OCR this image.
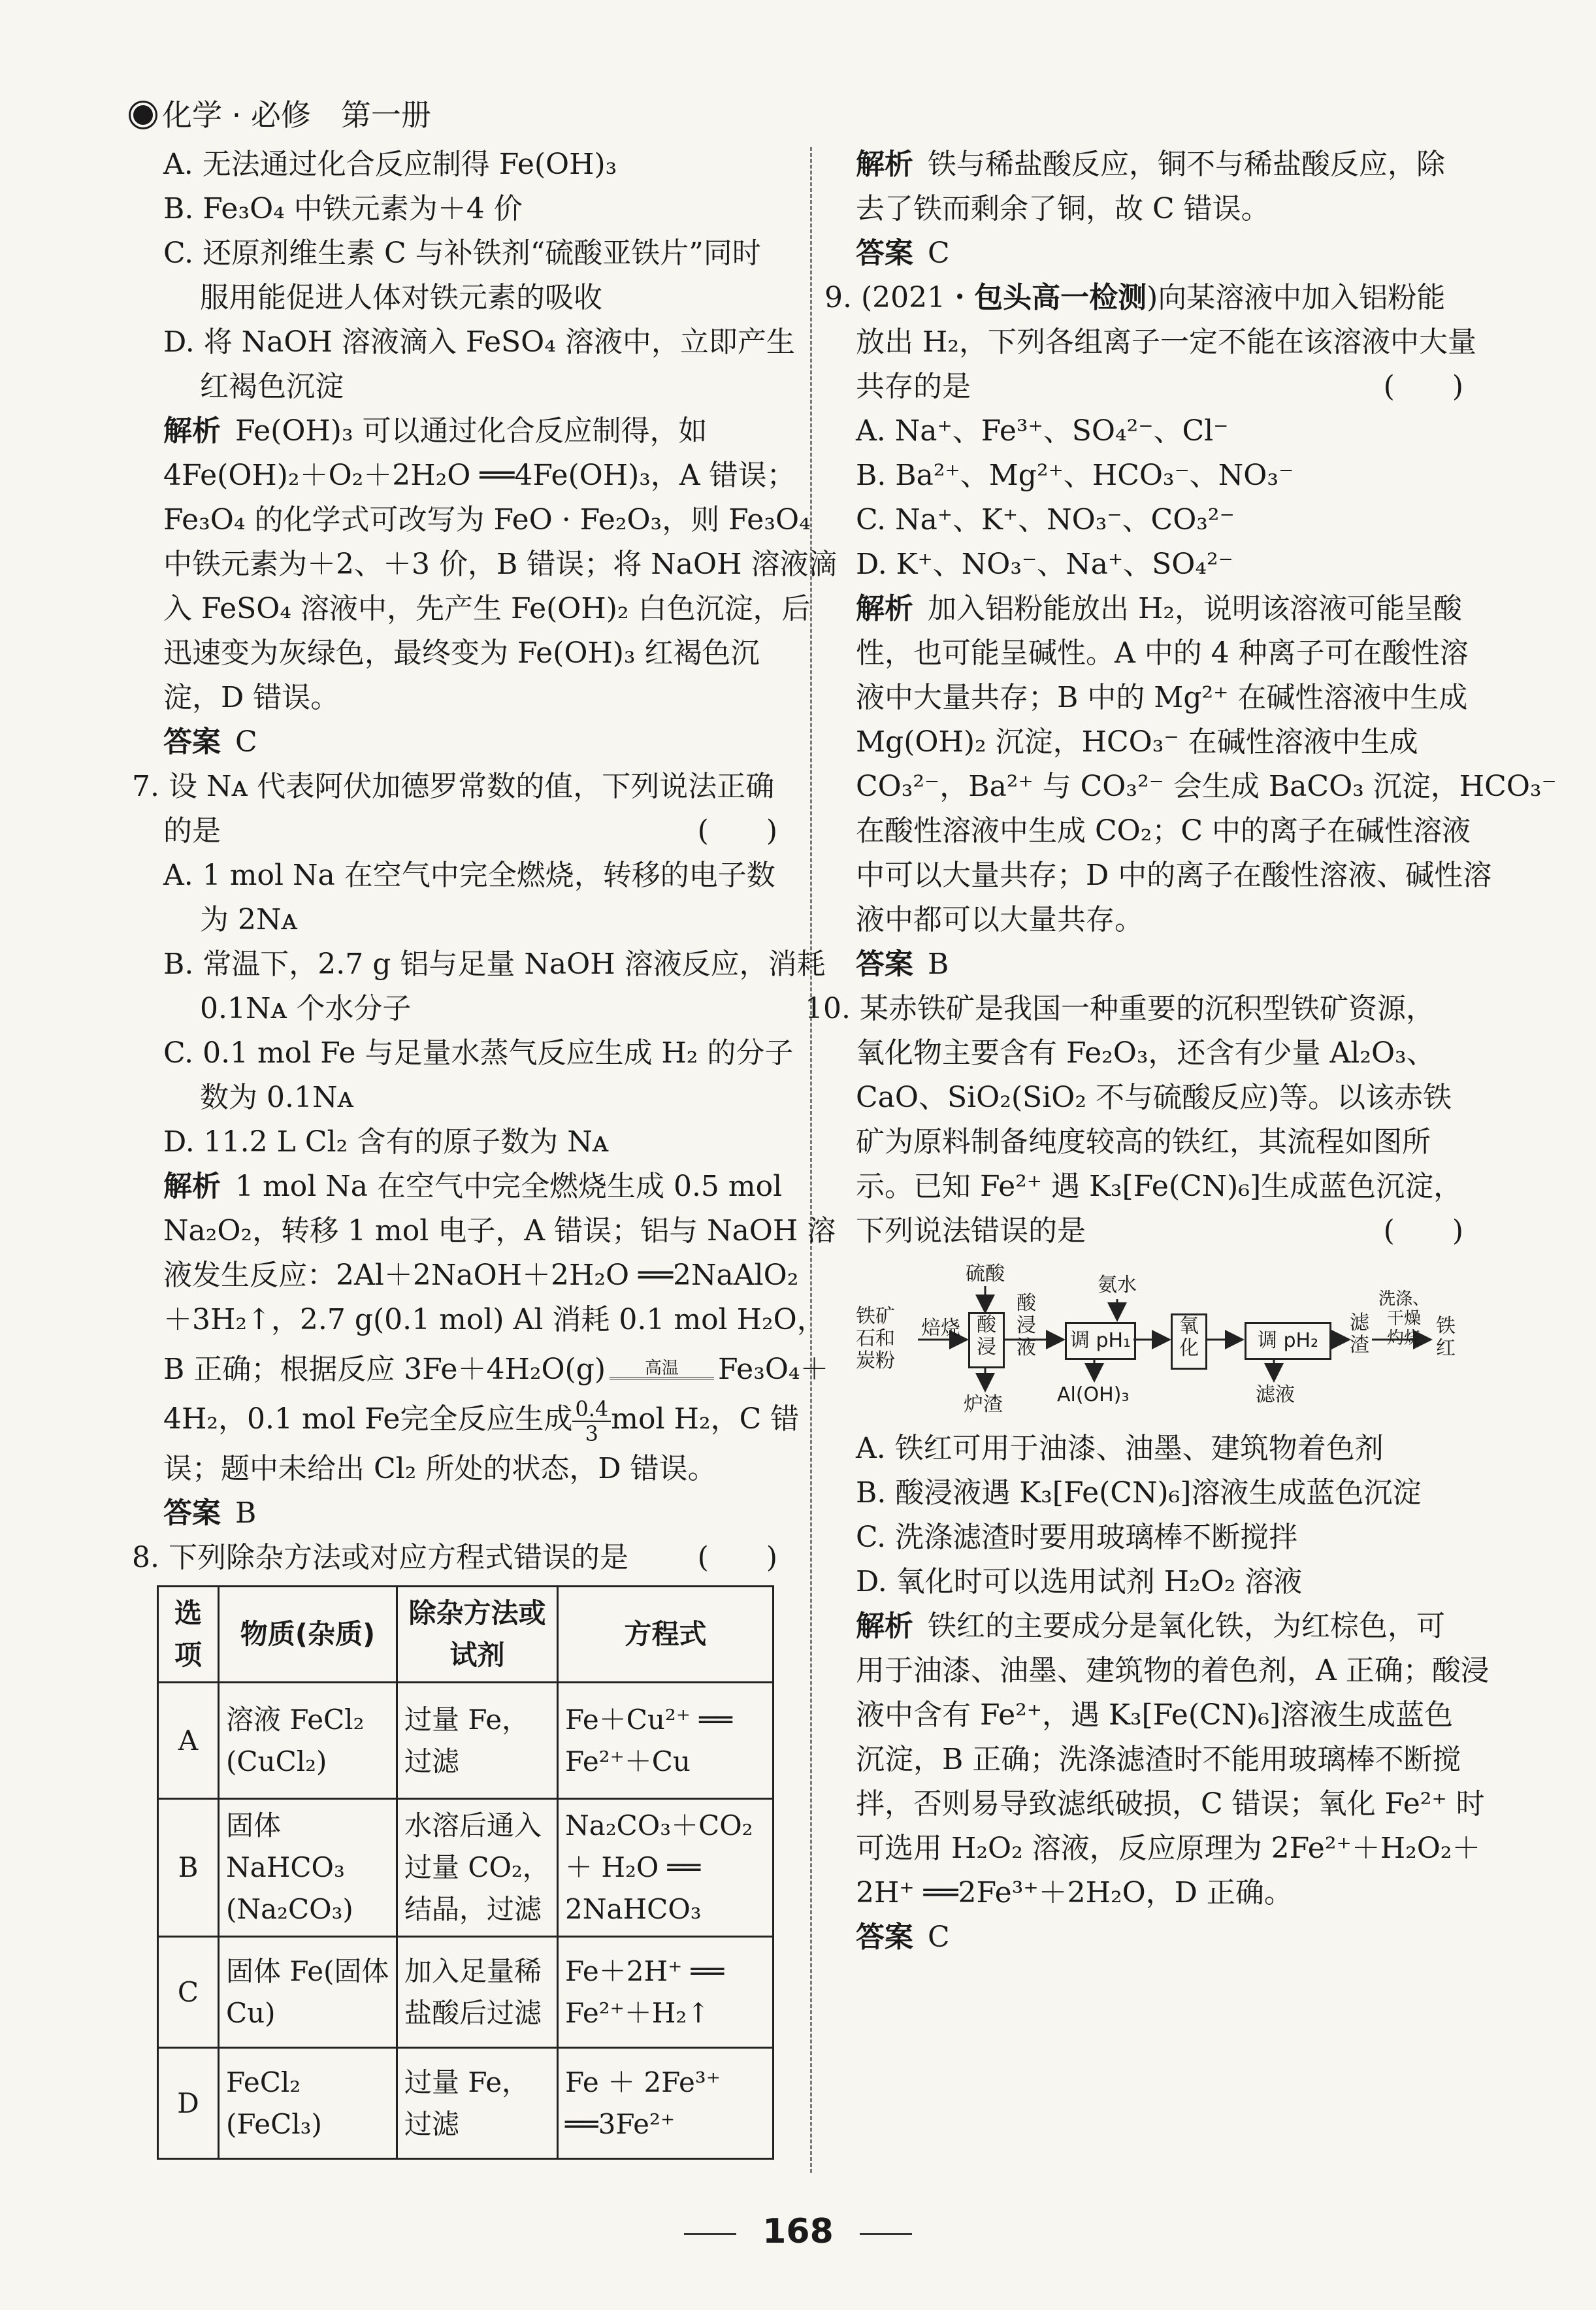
化学 · 必修　第一册
A. 无法通过化合反应制得 Fe(OH)₃
B. Fe₃O₄ 中铁元素为＋4 价
C. 还原剂维生素 C 与补铁剂“硫酸亚铁片”同时
服用能促进人体对铁元素的吸收
D. 将 NaOH 溶液滴入 FeSO₄ 溶液中，立即产生
红褐色沉淀
解析 Fe(OH)₃ 可以通过化合反应制得，如
4Fe(OH)₂＋O₂＋2H₂O ══4Fe(OH)₃，A 错误；
Fe₃O₄ 的化学式可改写为 FeO · Fe₂O₃，则 Fe₃O₄
中铁元素为＋2、＋3 价，B 错误；将 NaOH 溶液滴
入 FeSO₄ 溶液中，先产生 Fe(OH)₂ 白色沉淀，后
迅速变为灰绿色，最终变为 Fe(OH)₃ 红褐色沉
淀，D 错误。
答案 C
7. 设 Nᴀ 代表阿伏加德罗常数的值，下列说法正确
的是	(　　)
A. 1 mol Na 在空气中完全燃烧，转移的电子数
为 2Nᴀ
B. 常温下，2.7 g 铝与足量 NaOH 溶液反应，消耗
0.1Nᴀ 个水分子
C. 0.1 mol Fe 与足量水蒸气反应生成 H₂ 的分子
数为 0.1Nᴀ
D. 11.2 L Cl₂ 含有的原子数为 Nᴀ
解析 1 mol Na 在空气中完全燃烧生成 0.5 mol
Na₂O₂，转移 1 mol 电子，A 错误；铝与 NaOH 溶
液发生反应：2Al＋2NaOH＋2H₂O ══2NaAlO₂
＋3H₂↑，2.7 g(0.1 mol) Al 消耗 0.1 mol H₂O，
B 正确；根据反应 3Fe＋4H₂O(g)	高温	Fe₃O₄＋
4H₂，0.1 mol Fe完全反应生成 $\frac{0.4}{3}$ mol H₂，C 错
误；题中未给出 Cl₂ 所处的状态，D 错误。
答案 B
8. 下列除杂方法或对应方程式错误的是 (　　)
选项	物质(杂质)	除杂方法或试剂	方程式
A	溶液 FeCl₂ (CuCl₂)	过量 Fe，过滤	Fe＋Cu²⁺ ══ Fe²⁺＋Cu
B	固体 NaHCO₃ (Na₂CO₃)	水溶后通入过量 CO₂，结晶，过滤	Na₂CO₃＋CO₂ ＋ H₂O ══ 2NaHCO₃
C	固体 Fe(固体 Cu)	加入足量稀盐酸后过滤	Fe＋2H⁺ ══ Fe²⁺＋H₂↑
D	FeCl₂ (FeCl₃)	过量 Fe，过滤	Fe ＋ 2Fe³⁺ ══3Fe²⁺
解析 铁与稀盐酸反应，铜不与稀盐酸反应，除
去了铁而剩余了铜，故 C 错误。
答案 C
9. (2021・包头高一检测)向某溶液中加入铝粉能
放出 H₂，下列各组离子一定不能在该溶液中大量
共存的是	(　　)
A. Na⁺、Fe³⁺、SO₄²⁻、Cl⁻
B. Ba²⁺、Mg²⁺、HCO₃⁻、NO₃⁻
C. Na⁺、K⁺、NO₃⁻、CO₃²⁻
D. K⁺、NO₃⁻、Na⁺、SO₄²⁻
解析 加入铝粉能放出 H₂，说明该溶液可能呈酸
性，也可能呈碱性。A 中的 4 种离子可在酸性溶
液中大量共存；B 中的 Mg²⁺ 在碱性溶液中生成
Mg(OH)₂ 沉淀，HCO₃⁻ 在碱性溶液中生成
CO₃²⁻，Ba²⁺ 与 CO₃²⁻ 会生成 BaCO₃ 沉淀，HCO₃⁻
在酸性溶液中生成 CO₂；C 中的离子在碱性溶液
中可以大量共存；D 中的离子在酸性溶液、碱性溶
液中都可以大量共存。
答案 B
10. 某赤铁矿是我国一种重要的沉积型铁矿资源，
氧化物主要含有 Fe₂O₃，还含有少量 Al₂O₃、
CaO、SiO₂(SiO₂ 不与硫酸反应)等。以该赤铁
矿为原料制备纯度较高的铁红，其流程如图所
示。已知 Fe²⁺ 遇 K₃[Fe(CN)₆]生成蓝色沉淀，
下列说法错误的是	(　　)
铁矿
石和
炭粉
焙烧
硫酸
酸
浸
炉渣
酸
浸
液
氨水
调 pH₁
Al(OH)₃
氧
化	调 pH₂
滤液
滤
渣
洗涤、
干燥
灼烧
铁
红
A. 铁红可用于油漆、油墨、建筑物着色剂
B. 酸浸液遇 K₃[Fe(CN)₆]溶液生成蓝色沉淀
C. 洗涤滤渣时要用玻璃棒不断搅拌
D. 氧化时可以选用试剂 H₂O₂ 溶液
解析 铁红的主要成分是氧化铁，为红棕色，可
用于油漆、油墨、建筑物的着色剂，A 正确；酸浸
液中含有 Fe²⁺，遇 K₃[Fe(CN)₆]溶液生成蓝色
沉淀，B 正确；洗涤滤渣时不能用玻璃棒不断搅
拌，否则易导致滤纸破损，C 错误；氧化 Fe²⁺ 时
可选用 H₂O₂ 溶液，反应原理为 2Fe²⁺＋H₂O₂＋
2H⁺ ══2Fe³⁺＋2H₂O，D 正确。
答案 C
168
